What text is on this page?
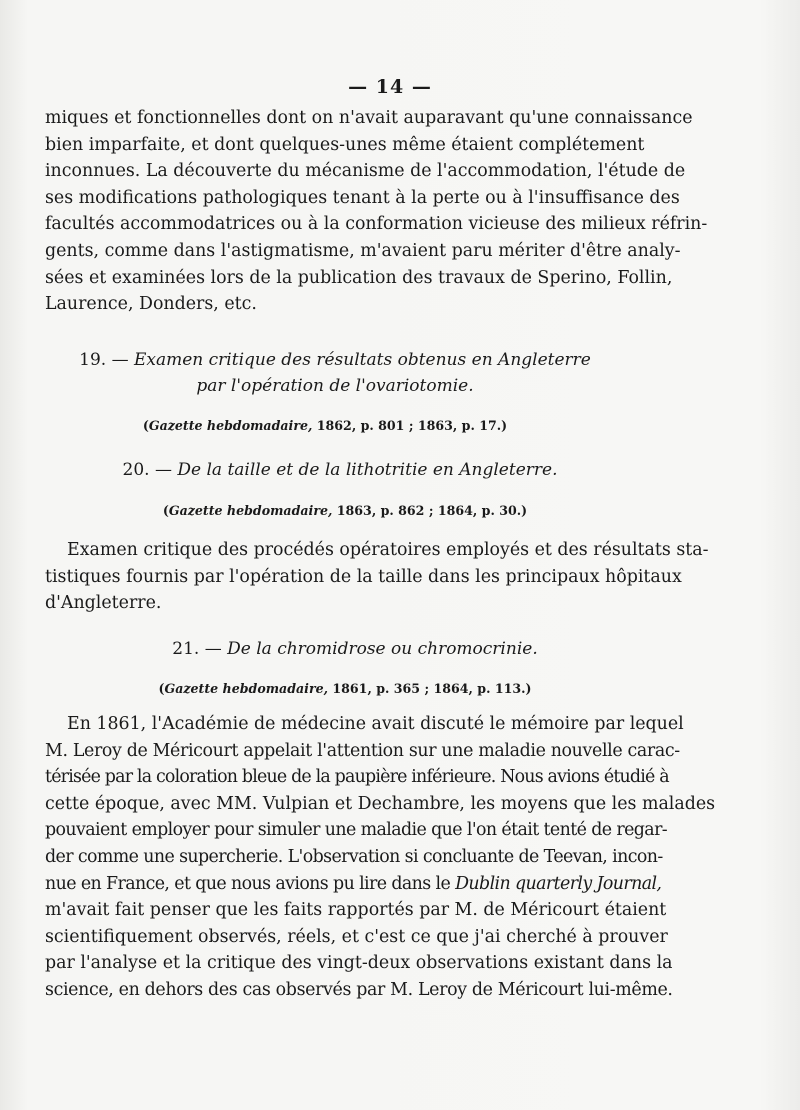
— 14 —
miques et fonctionnelles dont on n'avait auparavant qu'une connaissance
bien imparfaite, et dont quelques-unes même étaient complétement
inconnues. La découverte du mécanisme de l'accommodation, l'étude de
ses modifications pathologiques tenant à la perte ou à l'insuffisance des
facultés accommodatrices ou à la conformation vicieuse des milieux réfrin-
gents, comme dans l'astigmatisme, m'avaient paru mériter d'être analy-
sées et examinées lors de la publication des travaux de Sperino, Follin,
Laurence, Donders, etc.
19. — Examen critique des résultats obtenus en Angleterre
par l'opération de l'ovariotomie.
(Gazette hebdomadaire, 1862, p. 801 ; 1863, p. 17.)
20. — De la taille et de la lithotritie en Angleterre.
(Gazette hebdomadaire, 1863, p. 862 ; 1864, p. 30.)
Examen critique des procédés opératoires employés et des résultats sta-
tistiques fournis par l'opération de la taille dans les principaux hôpitaux
d'Angleterre.
21. — De la chromidrose ou chromocrinie.
(Gazette hebdomadaire, 1861, p. 365 ; 1864, p. 113.)
En 1861, l'Académie de médecine avait discuté le mémoire par lequel
M. Leroy de Méricourt appelait l'attention sur une maladie nouvelle carac-
térisée par la coloration bleue de la paupière inférieure. Nous avions étudié à
cette époque, avec MM. Vulpian et Dechambre, les moyens que les malades
pouvaient employer pour simuler une maladie que l'on était tenté de regar-
der comme une supercherie. L'observation si concluante de Teevan, incon-
nue en France, et que nous avions pu lire dans le Dublin quarterly Journal,
m'avait fait penser que les faits rapportés par M. de Méricourt étaient
scientifiquement observés, réels, et c'est ce que j'ai cherché à prouver
par l'analyse et la critique des vingt-deux observations existant dans la
science, en dehors des cas observés par M. Leroy de Méricourt lui-même.
